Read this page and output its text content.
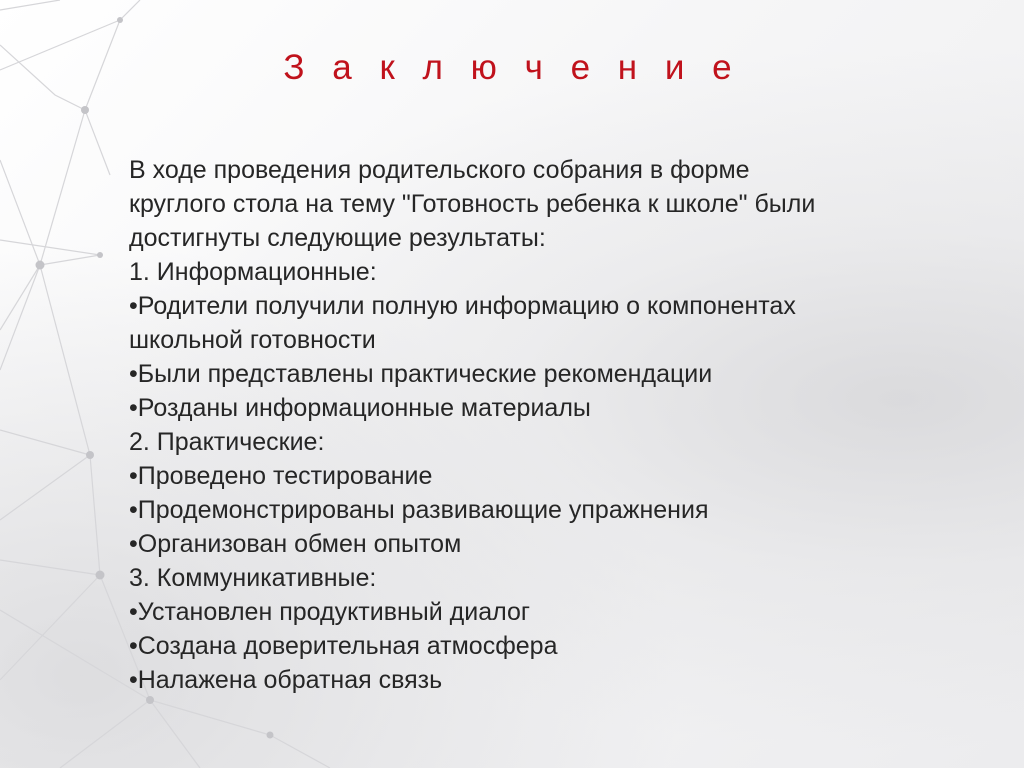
З а к л ю ч е н и е
В ходе проведения родительского собрания в форме
круглого стола на тему "Готовность ребенка к школе" были
достигнуты следующие результаты:
1. Информационные:
•Родители получили полную информацию о компонентах
школьной готовности
•Были представлены практические рекомендации
•Розданы информационные материалы
2. Практические:
•Проведено тестирование
•Продемонстрированы развивающие упражнения
•Организован обмен опытом
3. Коммуникативные:
•Установлен продуктивный диалог
•Создана доверительная атмосфера
•Налажена обратная связь
